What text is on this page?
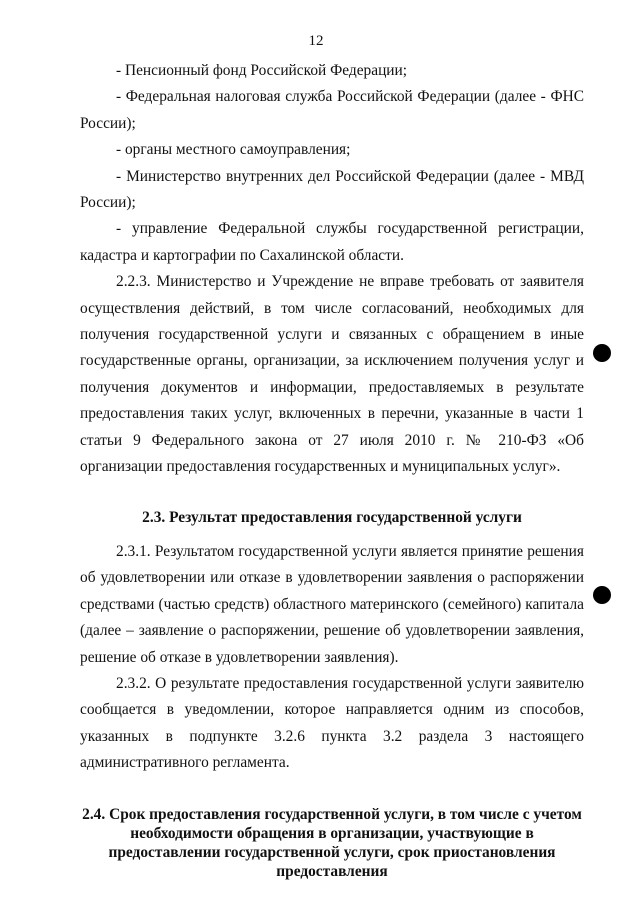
12

- Пенсионный фонд Российской Федерации;

- Федеральная налоговая служба Российской Федерации (далее - ФНС России);

- органы местного самоуправления;

- Министерство внутренних дел Российской Федерации (далее - МВД России);

- управление Федеральной службы государственной регистрации, кадастра и картографии по Сахалинской области.

2.2.3. Министерство и Учреждение не вправе требовать от заявителя осуществления действий, в том числе согласований, необходимых для получения государственной услуги и связанных с обращением в иные государственные органы, организации, за исключением получения услуг и получения документов и информации, предоставляемых в результате предоставления таких услуг, включенных в перечни, указанные в части 1 статьи 9 Федерального закона от 27 июля 2010 г. № 210-ФЗ «Об организации предоставления государственных и муниципальных услуг».

2.3. Результат предоставления государственной услуги

2.3.1. Результатом государственной услуги является принятие решения об удовлетворении или отказе в удовлетворении заявления о распоряжении средствами (частью средств) областного материнского (семейного) капитала (далее – заявление о распоряжении, решение об удовлетворении заявления, решение об отказе в удовлетворении заявления).

2.3.2. О результате предоставления государственной услуги заявителю сообщается в уведомлении, которое направляется одним из способов, указанных в подпункте 3.2.6 пункта 3.2 раздела 3 настоящего административного регламента.

2.4. Срок предоставления государственной услуги, в том числе с учетом необходимости обращения в организации, участвующие в предоставлении государственной услуги, срок приостановления предоставления
